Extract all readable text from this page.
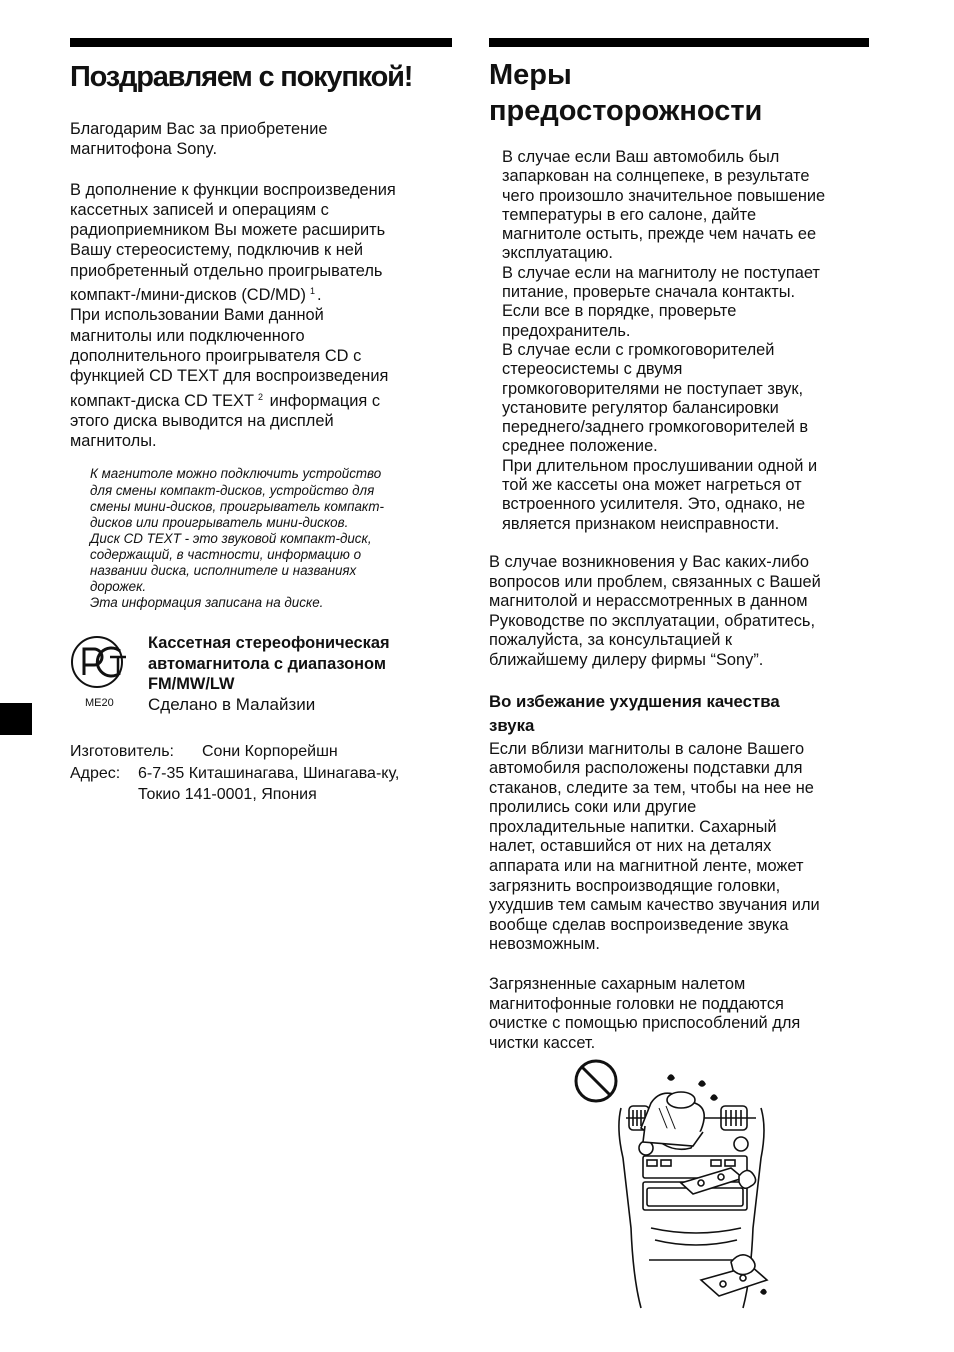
Поздравляем с покупкой!

Благодарим Вас за приобретение

магнитофона Sony.

В дополнение к функции воспроизведения

кассетных записей и операциям с

радиоприемником Вы можете расширить

Вашу стереосистему, подключив к ней

приобретенный отдельно проигрыватель

компакт-/мини-дисков (CD/MD) $^1$ .

При использовании Вами данной

магнитолы или подключенного

дополнительного проигрывателя CD с

функцией CD TEXT для воспроизведения

компакт-диска CD TEXT $^2$ информация с

этого диска выводится на дисплей

магнитолы.

К магнитоле можно подключить устройство

для смены компакт-дисков, устройство для

смены мини-дисков, проигрыватель компакт-

дисков или проигрыватель мини-дисков.

Диск CD TEXT - это звуковой компакт-диск,

содержащий, в частности, информацию о

названии диска, исполнителе и названиях

дорожек.

Эта информация записана на диске.

ME20
Кассетная стереофоническая
автомагнитола с диапазоном
FM/MW/LW
Сделано в Малайзии
Изготовитель:	Сони Корпорейшн
Адрес:	6-7-35 Киташинагава, Шинагава-ку,
Токио 141-0001, Япония
Меры
предосторожности

В случае если Ваш автомобиль был

запаркован на солнцепеке, в результате

чего произошло значительное повышение

температуры в его салоне, дайте

магнитоле остыть, прежде чем начать ее

эксплуатацию.

В случае если на магнитолу не поступает

питание, проверьте сначала контакты.

Если все в порядке, проверьте

предохранитель.

В случае если с громкоговорителей

стереосистемы с двумя

громкоговорителями не поступает звук,

установите регулятор балансировки

переднего/заднего громкоговорителей в

среднее положение.

При длительном прослушивании одной и

той же кассеты она может нагреться от

встроенного усилителя. Это, однако, не

является признаком неисправности.

В случае возникновения у Вас каких-либо

вопросов или проблем, связанных с Вашей

магнитолой и нерассмотренных в данном

Руководстве по эксплуатации, обратитесь,

пожалуйста, за консультацией к

ближайшему дилеру фирмы “Sony”.

Во избежание ухудшения качества
звука

Если вблизи магнитолы в салоне Вашего

автомобиля расположены подставки для

стаканов, следите за тем, чтобы на нее не

пролились соки или другие

прохладительные напитки. Сахарный

налет, оставшийся от них на деталях

аппарата или на магнитной ленте, может

загрязнить воспроизводящие головки,

ухудшив тем самым качество звучания или

вообще сделав воспроизведение звука

невозможным.

Загрязненные сахарным налетом

магнитофонные головки не поддаются

очистке с помощью приспособлений для

чистки кассет.
